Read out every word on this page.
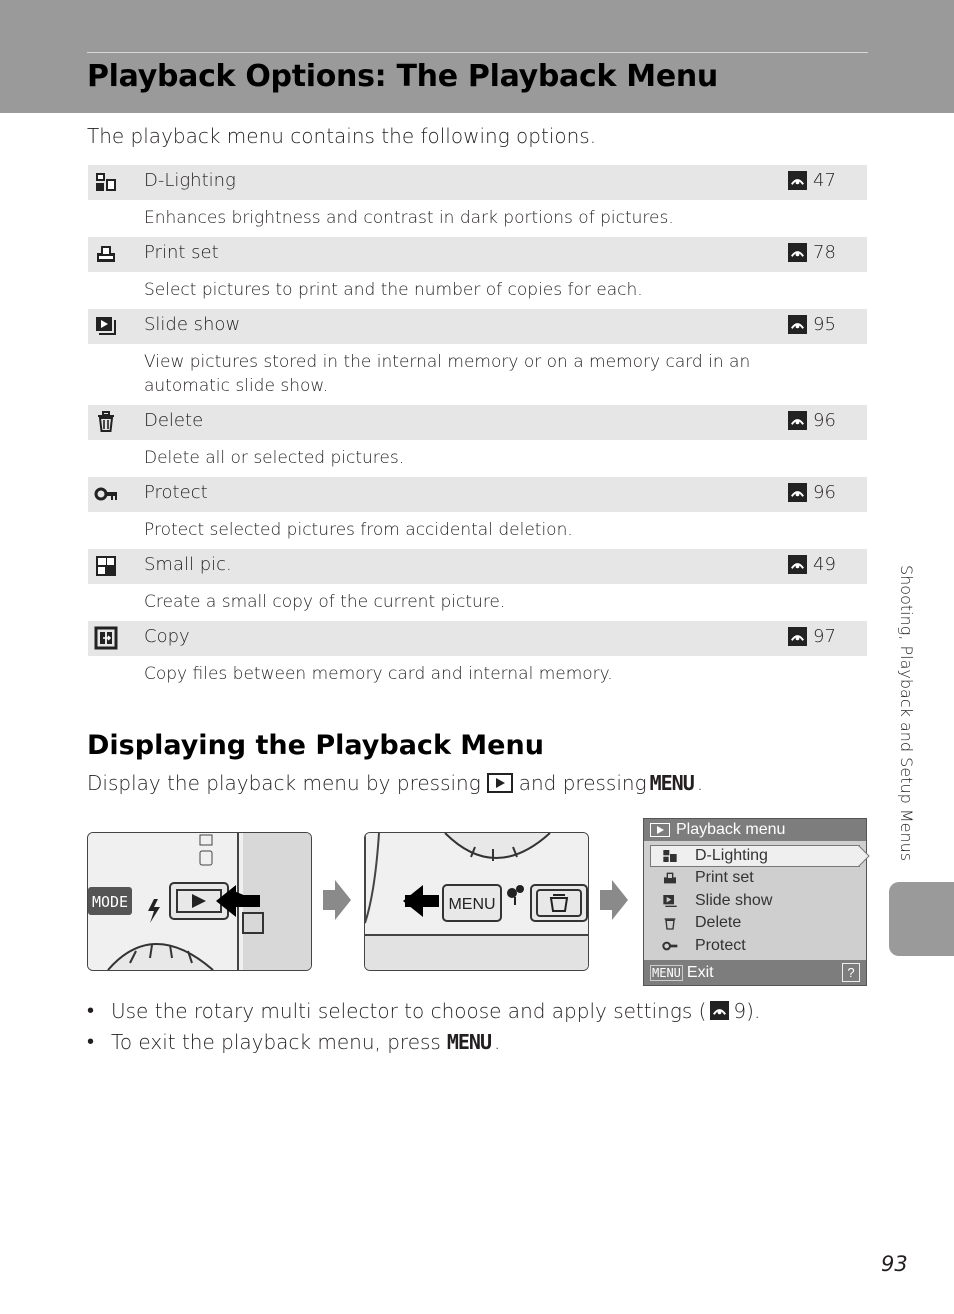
Playback Options: The Playback Menu
The playback menu contains the following options.
D-Lighting	47
Enhances brightness and contrast in dark portions of pictures.
Print set	78
Select pictures to print and the number of copies for each.
Slide show	95
View pictures stored in the internal memory or on a memory card in an automatic slide show.
Delete	96
Delete all or selected pictures.
Protect	96
Protect selected pictures from accidental deletion.
Small pic.	49
Create a small copy of the current picture.
Copy	97
Copy files between memory card and internal memory.
Displaying the Playback Menu
Display the playback menu by pressing and pressing MENU .
MODE	MENU
Playback menu
D-Lighting
Print set
Slide show
Delete
Protect
MENU Exit	?
• Use the rotary multi selector to choose and apply settings ( 9 ).
• To exit the playback menu, press MENU .
Shooting, Playback and Setup Menus
93
